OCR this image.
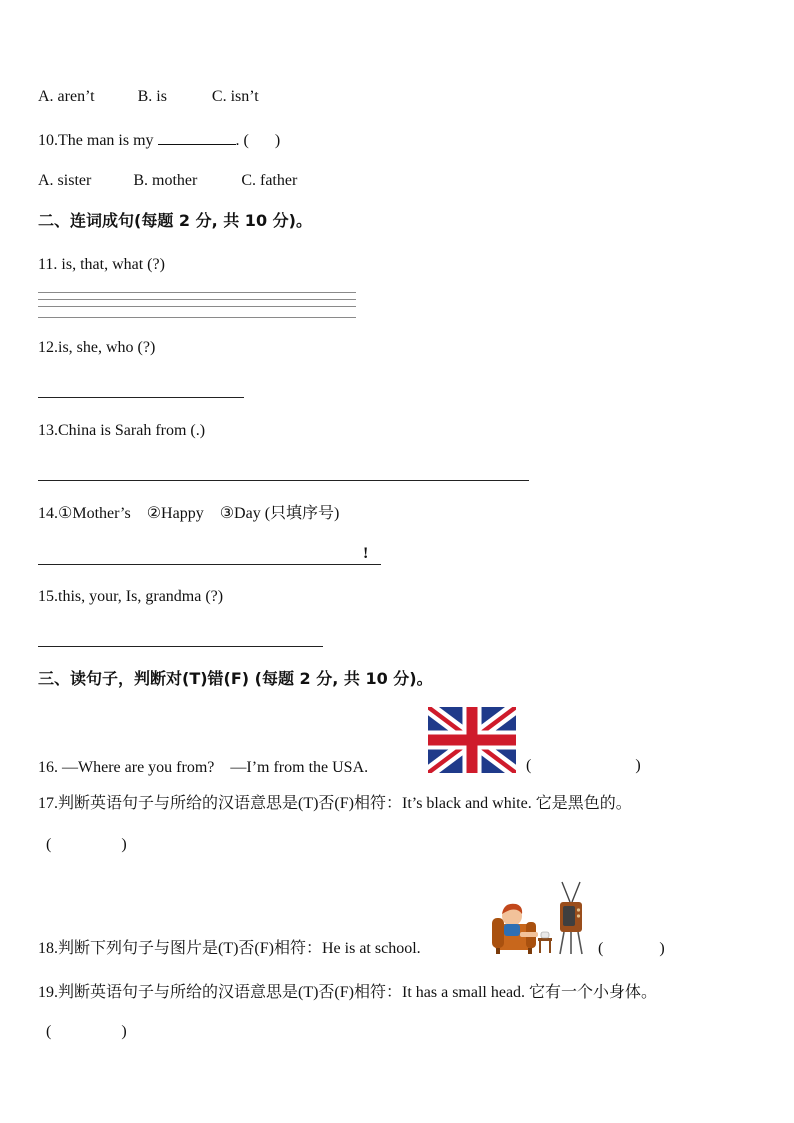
A. aren’t	B. is	C. isn’t
10.The man is my	. ( )
A. sister	B. mother	C. father
二、连词成句(每题 2 分, 共 10 分)。
11. is, that, what (?)
12.is, she, who (?)
13.China is Sarah from (.)
14.①Mother’s　②Happy　③Day (只填序号)
!
15.this, your, Is, grandma (?)
三、读句子，判断对(T)错(F) (每题 2 分, 共 10 分)。
16. —Where are you from?　—I’m from the USA.	(	)
17.判断英语句子与所给的汉语意思是(T)否(F)相符：It’s black and white. 它是黑色的。
(	)
18.判断下列句子与图片是(T)否(F)相符：He is at school.	(	)
19.判断英语句子与所给的汉语意思是(T)否(F)相符：It has a small head. 它有一个小身体。
(	)
